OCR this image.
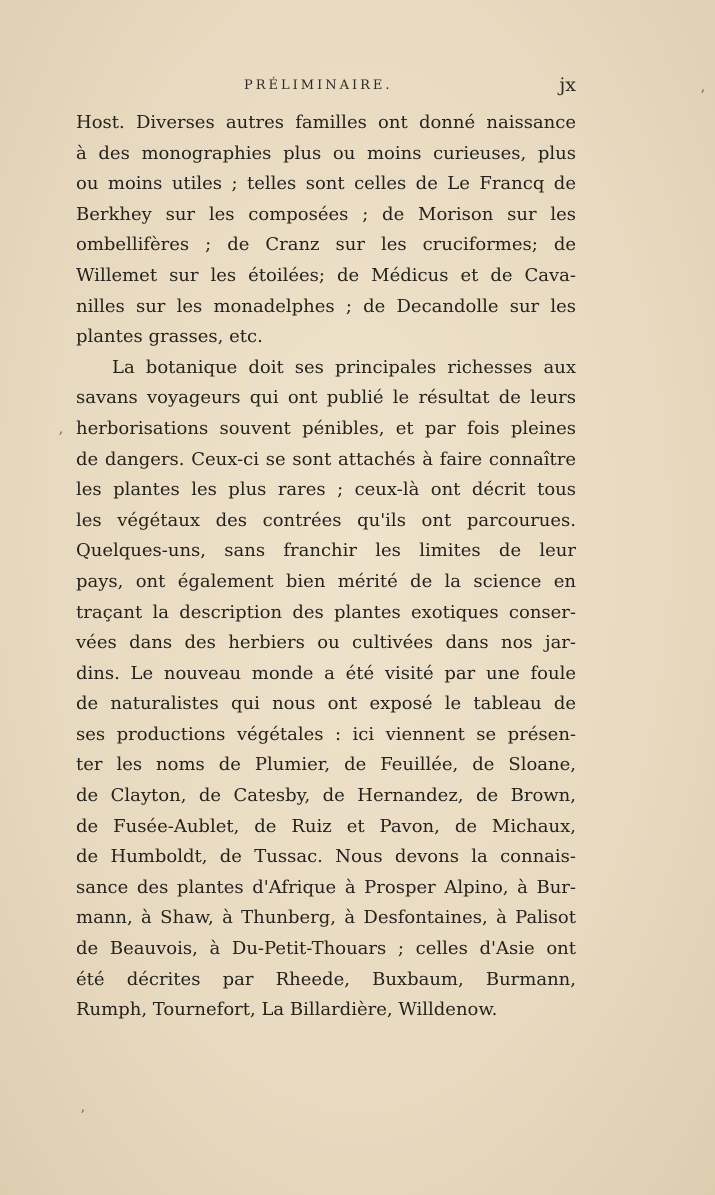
PRÉLIMINAIRE.	jx
Host. Diverses autres familles ont donné naissance
à des monographies plus ou moins curieuses, plus
ou moins utiles ; telles sont celles de Le Francq de
Berkhey sur les composées ; de Morison sur les
ombellifères ; de Cranz sur les cruciformes; de
Willemet sur les étoilées; de Médicus et de Cava-
nilles sur les monadelphes ; de Decandolle sur les
plantes grasses, etc.
La botanique doit ses principales richesses aux
savans voyageurs qui ont publié le résultat de leurs
herborisations souvent pénibles, et par fois pleines
de dangers. Ceux-ci se sont attachés à faire connaître
les plantes les plus rares ; ceux-là ont décrit tous
les végétaux des contrées qu'ils ont parcourues.
Quelques-uns, sans franchir les limites de leur
pays, ont également bien mérité de la science en
traçant la description des plantes exotiques conser-
vées dans des herbiers ou cultivées dans nos jar-
dins. Le nouveau monde a été visité par une foule
de naturalistes qui nous ont exposé le tableau de
ses productions végétales : ici viennent se présen-
ter les noms de Plumier, de Feuillée, de Sloane,
de Clayton, de Catesby, de Hernandez, de Brown,
de Fusée-Aublet, de Ruiz et Pavon, de Michaux,
de Humboldt, de Tussac. Nous devons la connais-
sance des plantes d'Afrique à Prosper Alpino, à Bur-
mann, à Shaw, à Thunberg, à Desfontaines, à Palisot
de Beauvois, à Du-Petit-Thouars ; celles d'Asie ont
été décrites par Rheede, Buxbaum, Burmann,
Rumph, Tournefort, La Billardière, Willdenow.
ʼ
ʼ
ʼ
